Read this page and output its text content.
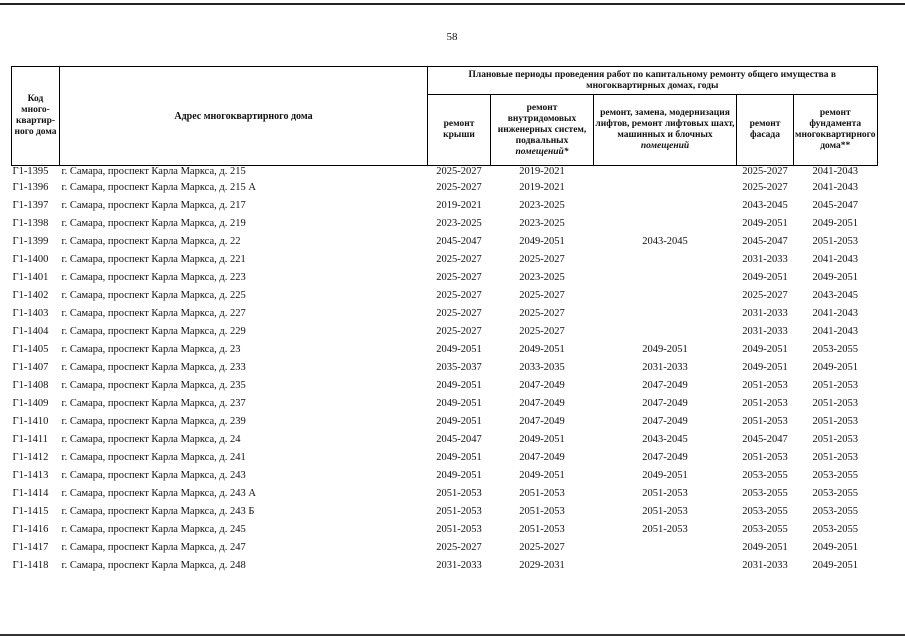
58
Код много-квартир-ного дома	Адрес многоквартирного дома	Плановые периоды проведения работ по капитальному ремонту общего имущества в многоквартирных домах, годы				
		ремонт крыши	ремонт внутридомовых инженерных систем, подвальных помещений*	ремонт, замена, модернизация лифтов, ремонт лифтовых шахт, машинных и блочных помещений	ремонт фасада	ремонт фундамента многоквартирного дома**
Г1-1395	г. Самара, проспект Карла Маркса, д. 215	2025-2027	2019-2021		2025-2027	2041-2043
Г1-1396	г. Самара, проспект Карла Маркса, д. 215 А	2025-2027	2019-2021		2025-2027	2041-2043
Г1-1397	г. Самара, проспект Карла Маркса, д. 217	2019-2021	2023-2025		2043-2045	2045-2047
Г1-1398	г. Самара, проспект Карла Маркса, д. 219	2023-2025	2023-2025		2049-2051	2049-2051
Г1-1399	г. Самара, проспект Карла Маркса, д. 22	2045-2047	2049-2051	2043-2045	2045-2047	2051-2053
Г1-1400	г. Самара, проспект Карла Маркса, д. 221	2025-2027	2025-2027		2031-2033	2041-2043
Г1-1401	г. Самара, проспект Карла Маркса, д. 223	2025-2027	2023-2025		2049-2051	2049-2051
Г1-1402	г. Самара, проспект Карла Маркса, д. 225	2025-2027	2025-2027		2025-2027	2043-2045
Г1-1403	г. Самара, проспект Карла Маркса, д. 227	2025-2027	2025-2027		2031-2033	2041-2043
Г1-1404	г. Самара, проспект Карла Маркса, д. 229	2025-2027	2025-2027		2031-2033	2041-2043
Г1-1405	г. Самара, проспект Карла Маркса, д. 23	2049-2051	2049-2051	2049-2051	2049-2051	2053-2055
Г1-1407	г. Самара, проспект Карла Маркса, д. 233	2035-2037	2033-2035	2031-2033	2049-2051	2049-2051
Г1-1408	г. Самара, проспект Карла Маркса, д. 235	2049-2051	2047-2049	2047-2049	2051-2053	2051-2053
Г1-1409	г. Самара, проспект Карла Маркса, д. 237	2049-2051	2047-2049	2047-2049	2051-2053	2051-2053
Г1-1410	г. Самара, проспект Карла Маркса, д. 239	2049-2051	2047-2049	2047-2049	2051-2053	2051-2053
Г1-1411	г. Самара, проспект Карла Маркса, д. 24	2045-2047	2049-2051	2043-2045	2045-2047	2051-2053
Г1-1412	г. Самара, проспект Карла Маркса, д. 241	2049-2051	2047-2049	2047-2049	2051-2053	2051-2053
Г1-1413	г. Самара, проспект Карла Маркса, д. 243	2049-2051	2049-2051	2049-2051	2053-2055	2053-2055
Г1-1414	г. Самара, проспект Карла Маркса, д. 243 А	2051-2053	2051-2053	2051-2053	2053-2055	2053-2055
Г1-1415	г. Самара, проспект Карла Маркса, д. 243 Б	2051-2053	2051-2053	2051-2053	2053-2055	2053-2055
Г1-1416	г. Самара, проспект Карла Маркса, д. 245	2051-2053	2051-2053	2051-2053	2053-2055	2053-2055
Г1-1417	г. Самара, проспект Карла Маркса, д. 247	2025-2027	2025-2027		2049-2051	2049-2051
Г1-1418	г. Самара, проспект Карла Маркса, д. 248	2031-2033	2029-2031		2031-2033	2049-2051
